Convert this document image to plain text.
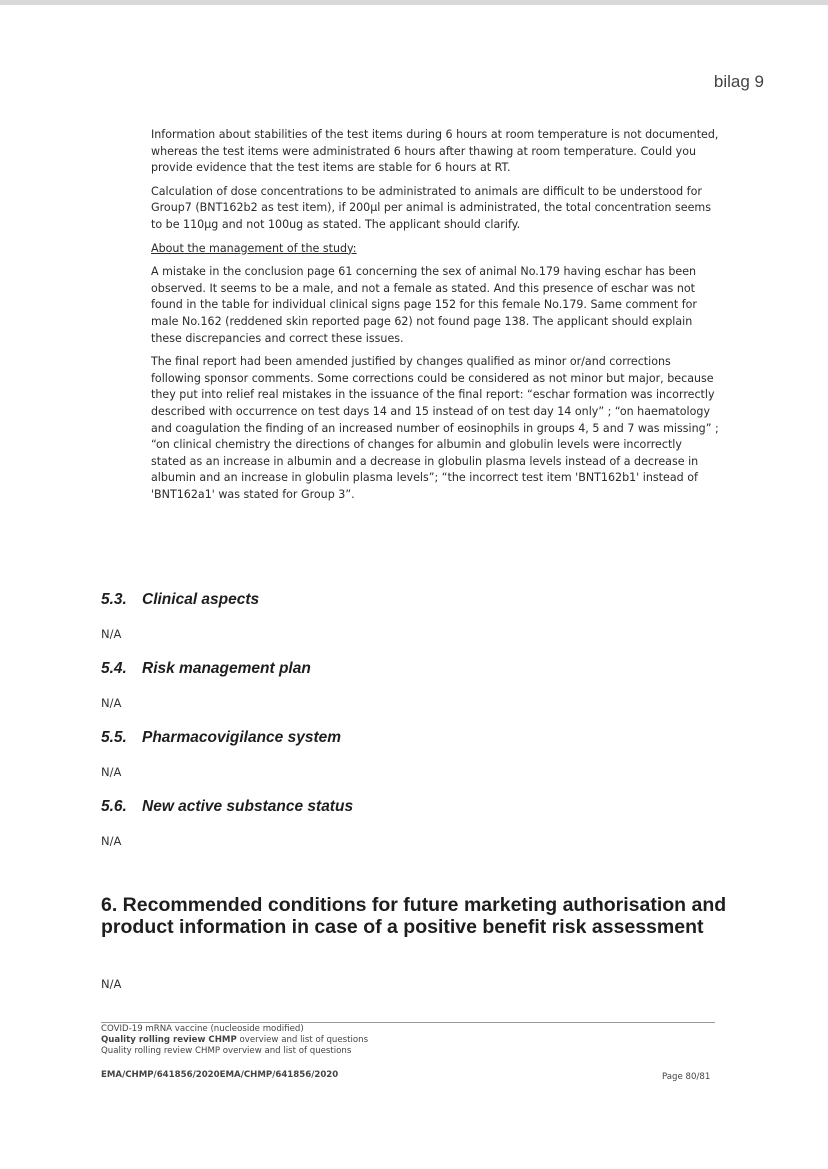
bilag 9

Information about stabilities of the test items during 6 hours at room temperature is not documented, whereas the test items were administrated 6 hours after thawing at room temperature. Could you provide evidence that the test items are stable for 6 hours at RT.

Calculation of dose concentrations to be administrated to animals are difficult to be understood for Group7 (BNT162b2 as test item), if 200µl per animal is administrated, the total concentration seems to be 110µg and not 100ug as stated. The applicant should clarify.

About the management of the study:

A mistake in the conclusion page 61 concerning the sex of animal No.179 having eschar has been observed. It seems to be a male, and not a female as stated. And this presence of eschar was not found in the table for individual clinical signs page 152 for this female No.179. Same comment for male No.162 (reddened skin reported page 62) not found page 138. The applicant should explain these discrepancies and correct these issues.

The final report had been amended justified by changes qualified as minor or/and corrections following sponsor comments. Some corrections could be considered as not minor but major, because they put into relief real mistakes in the issuance of the final report: “eschar formation was incorrectly described with occurrence on test days 14 and 15 instead of on test day 14 only” ; “on haematology and coagulation the finding of an increased number of eosinophils in groups 4, 5 and 7 was missing” ; “on clinical chemistry the directions of changes for albumin and globulin levels were incorrectly stated as an increase in albumin and a decrease in globulin plasma levels instead of a decrease in albumin and an increase in globulin plasma levels”; “the incorrect test item 'BNT162b1' instead of 'BNT162a1' was stated for Group 3”.

5.3. Clinical aspects
N/A
5.4. Risk management plan
N/A
5.5. Pharmacovigilance system
N/A
5.6. New active substance status
N/A
6. Recommended conditions for future marketing authorisation and product information in case of a positive benefit risk assessment
N/A
COVID-19 mRNA vaccine (nucleoside modified)
Quality rolling review CHMP overview and list of questions
Quality rolling review CHMP overview and list of questions
EMA/CHMP/641856/2020EMA/CHMP/641856/2020	Page 80/81
